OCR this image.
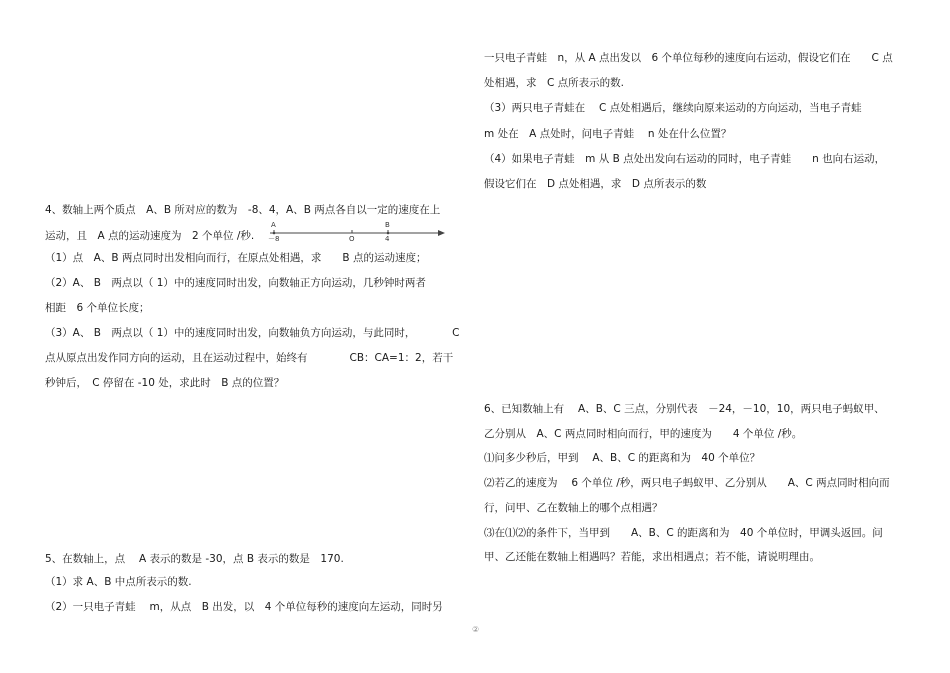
一只电子青蛙　n，从 A 点出发以　6 个单位每秒的速度向右运动，假设它们在　　C 点
处相遇，求　C 点所表示的数.
（3）两只电子青蛙在　 C 点处相遇后，继续向原来运动的方向运动，当电子青蛙
m 处在　A 点处时，问电子青蛙　 n 处在什么位置？
（4）如果电子青蛙　m 从 B 点处出发向右运动的同时，电子青蛙　　n 也向右运动，
假设它们在　D 点处相遇，求　D 点所表示的数
4、数轴上两个质点　A、B 所对应的数为　-8、4，A、B 两点各自以一定的速度在上
运动，且　A 点的运动速度为　2 个单位 /秒.
A	B
－8	O	4
（1）点　A、B 两点同时出发相向而行，在原点处相遇，求　　B 点的运动速度；
（2）A、 B　两点以（ 1）中的速度同时出发，向数轴正方向运动，几秒钟时两者
相距　6 个单位长度；
（3）A、 B　两点以（ 1）中的速度同时出发，向数轴负方向运动，与此同时，　　　　C
点从原点出发作同方向的运动，且在运动过程中，始终有　　　　CB：CA=1：2，若干
秒钟后，　C 停留在 -10 处，求此时　B 点的位置？
6、已知数轴上有　 A、B、C 三点，分别代表　－24，－10，10，两只电子蚂蚁甲、
乙分别从　A、C 两点同时相向而行，甲的速度为　　4 个单位 /秒。
⑴问多少秒后，甲到　 A、B、C 的距离和为　40 个单位？
⑵若乙的速度为　 6 个单位 /秒，两只电子蚂蚁甲、乙分别从　　A、C 两点同时相向而
行，问甲、乙在数轴上的哪个点相遇？
⑶在⑴⑵的条件下，当甲到　　A、B、C 的距离和为　40 个单位时，甲调头返回。问
甲、乙还能在数轴上相遇吗？若能，求出相遇点；若不能，请说明理由。
5、在数轴上，点　 A 表示的数是 -30，点 B 表示的数是　170.
（1）求 A、B 中点所表示的数.
（2）一只电子青蛙　 m，从点　B 出发，以　4 个单位每秒的速度向左运动，同时另
②
